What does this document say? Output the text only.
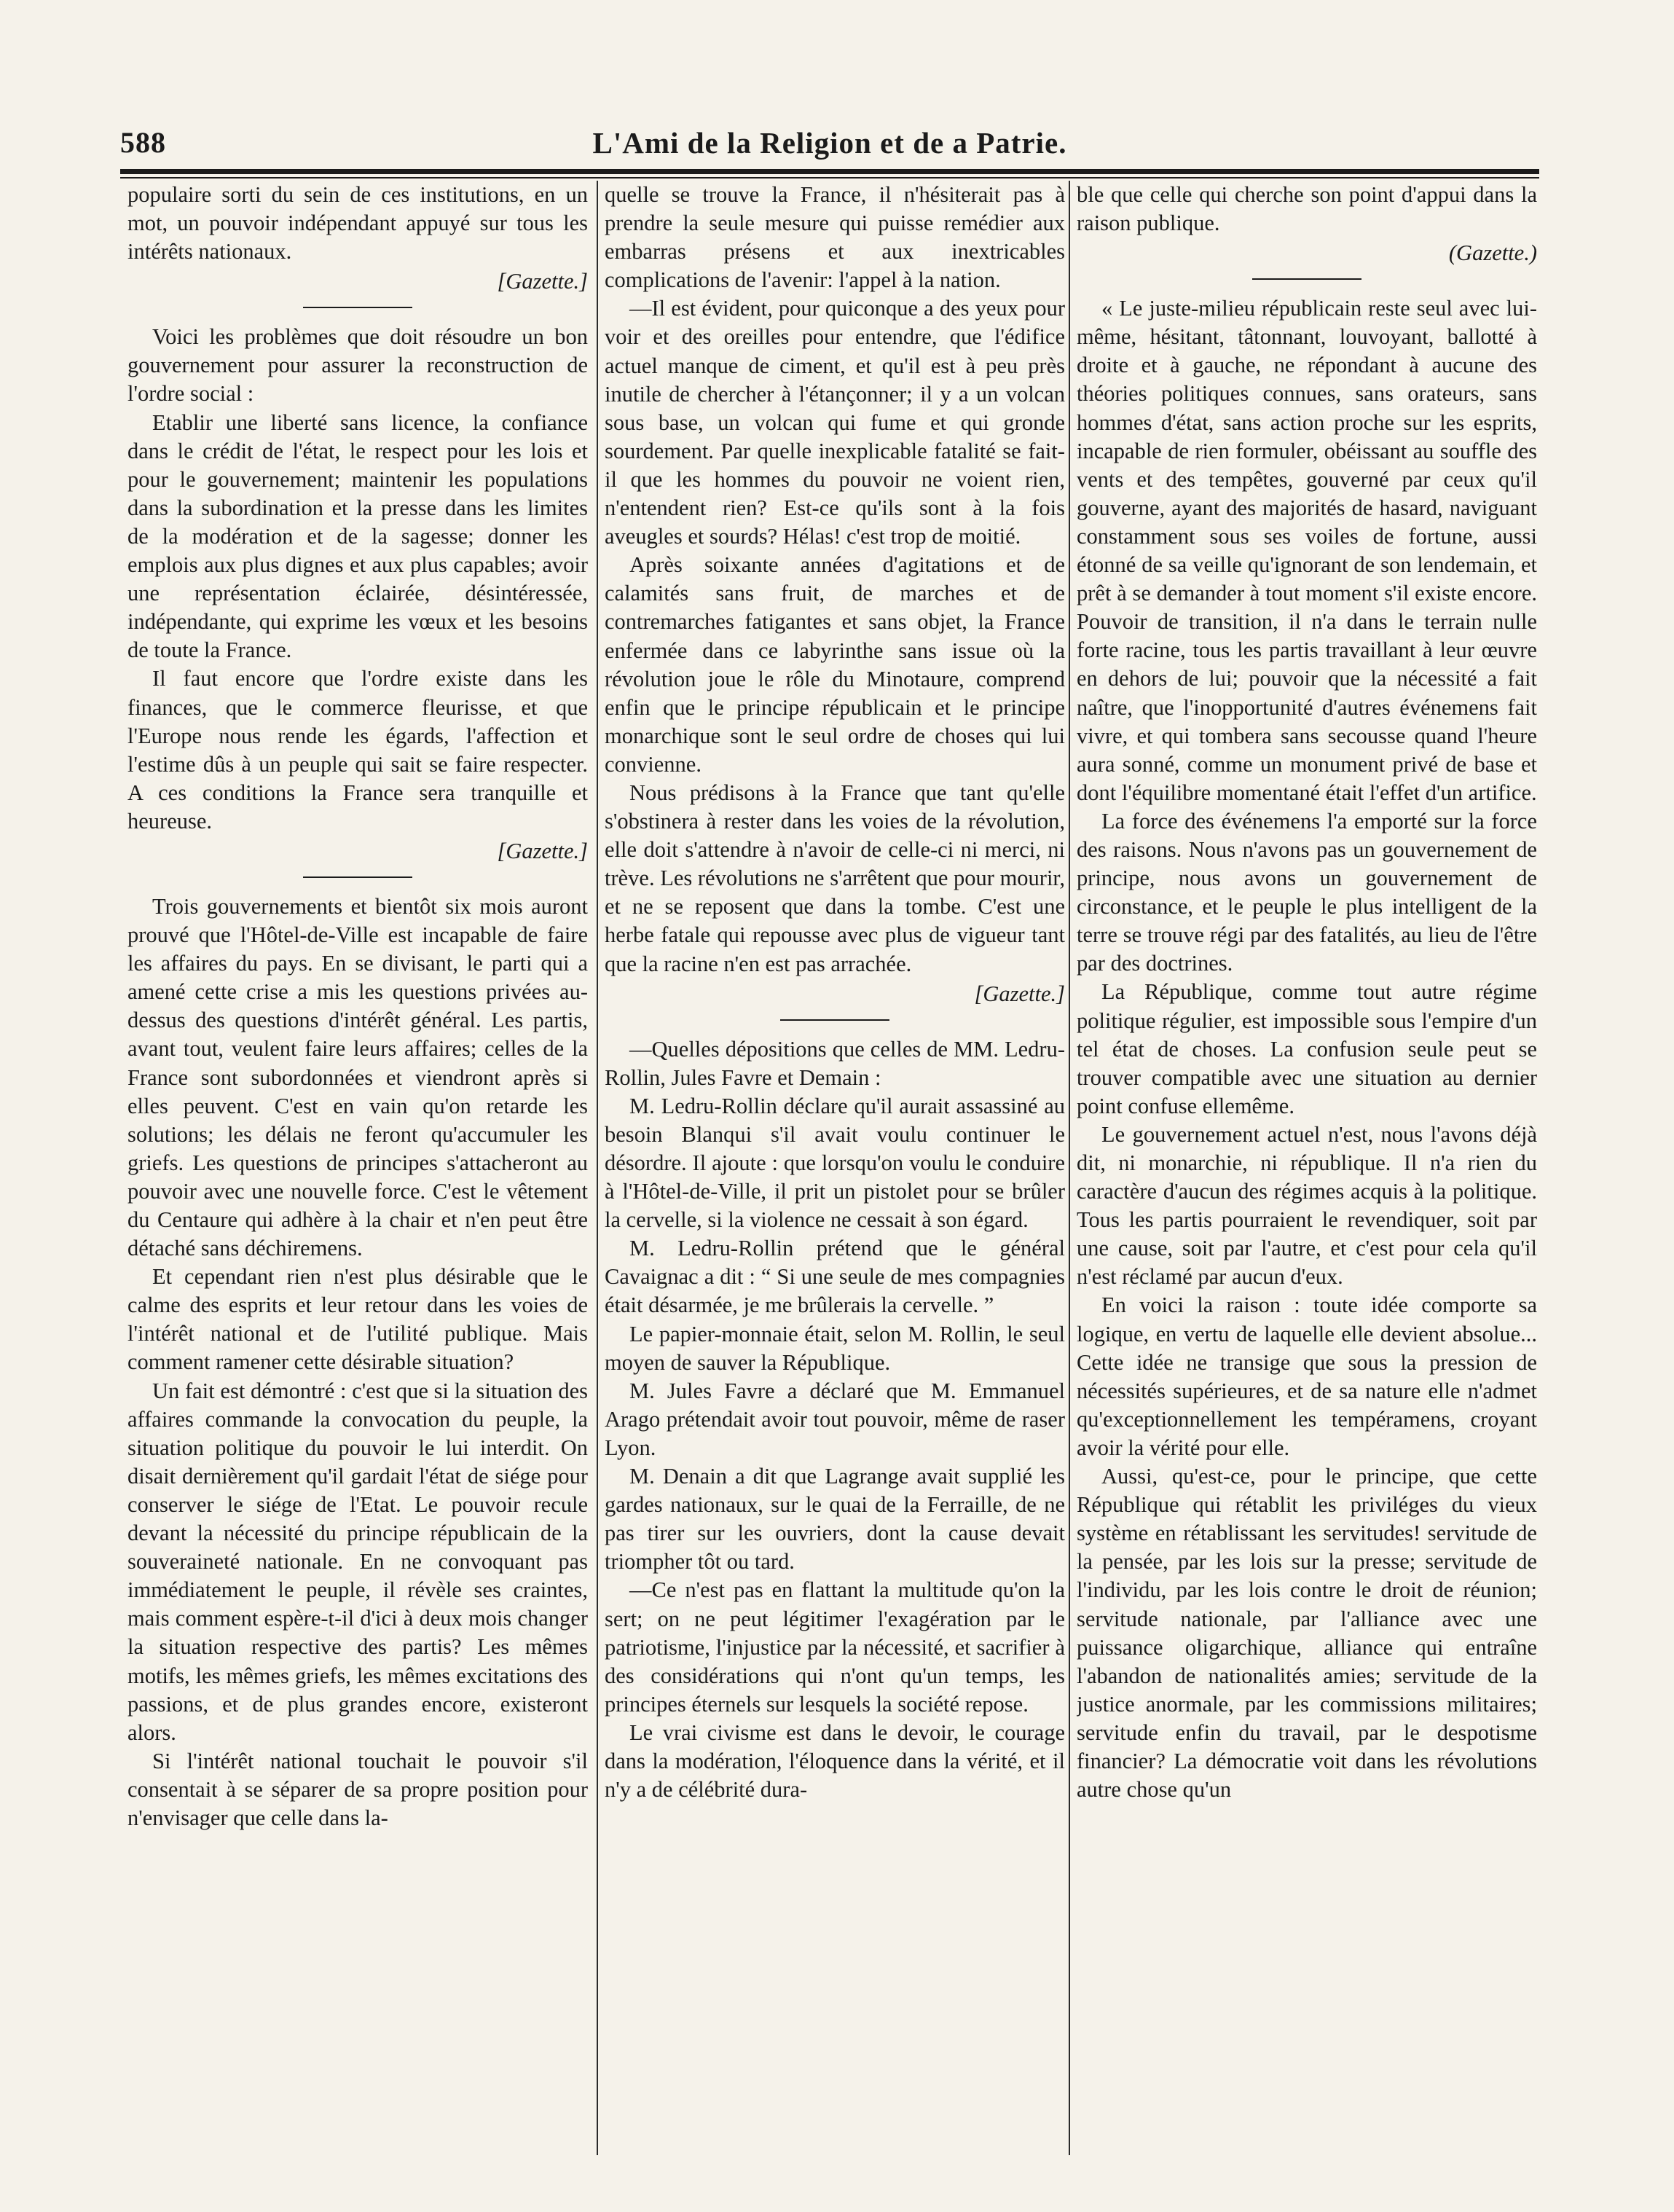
588	L'Ami de la Religion et de a Patrie.

populaire sorti du sein de ces institutions, en un mot, un pouvoir indépendant appuyé sur tous les intérêts nationaux.

[Gazette.]

Voici les problèmes que doit résoudre un bon gouvernement pour assurer la reconstruction de l'ordre social :

Etablir une liberté sans licence, la confiance dans le crédit de l'état, le respect pour les lois et pour le gouvernement; maintenir les populations dans la subordination et la presse dans les limites de la modération et de la sagesse; donner les emplois aux plus dignes et aux plus capables; avoir une représentation éclairée, désintéressée, indépendante, qui exprime les vœux et les besoins de toute la France.

Il faut encore que l'ordre existe dans les finances, que le commerce fleurisse, et que l'Europe nous rende les égards, l'affection et l'estime dûs à un peuple qui sait se faire respecter. A ces conditions la France sera tranquille et heureuse.

[Gazette.]

Trois gouvernements et bientôt six mois auront prouvé que l'Hôtel-de-Ville est incapable de faire les affaires du pays. En se divisant, le parti qui a amené cette crise a mis les questions privées au-dessus des questions d'intérêt général. Les partis, avant tout, veulent faire leurs affaires; celles de la France sont subordonnées et viendront après si elles peuvent. C'est en vain qu'on retarde les solutions; les délais ne feront qu'accumuler les griefs. Les questions de principes s'attacheront au pouvoir avec une nouvelle force. C'est le vêtement du Centaure qui adhère à la chair et n'en peut être détaché sans déchiremens.

Et cependant rien n'est plus désirable que le calme des esprits et leur retour dans les voies de l'intérêt national et de l'utilité publique. Mais comment ramener cette désirable situation?

Un fait est démontré : c'est que si la situation des affaires commande la convocation du peuple, la situation politique du pouvoir le lui interdit. On disait dernièrement qu'il gardait l'état de siége pour conserver le siége de l'Etat. Le pouvoir recule devant la nécessité du principe républicain de la souveraineté nationale. En ne convoquant pas immédiatement le peuple, il révèle ses craintes, mais comment espère-t-il d'ici à deux mois changer la situation respective des partis? Les mêmes motifs, les mêmes griefs, les mêmes excitations des passions, et de plus grandes encore, existeront alors.

Si l'intérêt national touchait le pouvoir s'il consentait à se séparer de sa propre position pour n'envisager que celle dans la-

quelle se trouve la France, il n'hésiterait pas à prendre la seule mesure qui puisse remédier aux embarras présens et aux inextricables complications de l'avenir: l'appel à la nation.

—Il est évident, pour quiconque a des yeux pour voir et des oreilles pour entendre, que l'édifice actuel manque de ciment, et qu'il est à peu près inutile de chercher à l'étançonner; il y a un volcan sous base, un volcan qui fume et qui gronde sourdement. Par quelle inexplicable fatalité se fait-il que les hommes du pouvoir ne voient rien, n'entendent rien? Est-ce qu'ils sont à la fois aveugles et sourds? Hélas! c'est trop de moitié.

Après soixante années d'agitations et de calamités sans fruit, de marches et de contremarches fatigantes et sans objet, la France enfermée dans ce labyrinthe sans issue où la révolution joue le rôle du Minotaure, comprend enfin que le principe républicain et le principe monarchique sont le seul ordre de choses qui lui convienne.

Nous prédisons à la France que tant qu'elle s'obstinera à rester dans les voies de la révolution, elle doit s'attendre à n'avoir de celle-ci ni merci, ni trève. Les révolutions ne s'arrêtent que pour mourir, et ne se reposent que dans la tombe. C'est une herbe fatale qui repousse avec plus de vigueur tant que la racine n'en est pas arrachée.

[Gazette.]

—Quelles dépositions que celles de MM. Ledru-Rollin, Jules Favre et Demain :

M. Ledru-Rollin déclare qu'il aurait assassiné au besoin Blanqui s'il avait voulu continuer le désordre. Il ajoute : que lorsqu'on voulu le conduire à l'Hôtel-de-Ville, il prit un pistolet pour se brûler la cervelle, si la violence ne cessait à son égard.

M. Ledru-Rollin prétend que le général Cavaignac a dit : “ Si une seule de mes compagnies était désarmée, je me brûlerais la cervelle. ”

Le papier-monnaie était, selon M. Rollin, le seul moyen de sauver la République.

M. Jules Favre a déclaré que M. Emmanuel Arago prétendait avoir tout pouvoir, même de raser Lyon.

M. Denain a dit que Lagrange avait supplié les gardes nationaux, sur le quai de la Ferraille, de ne pas tirer sur les ouvriers, dont la cause devait triompher tôt ou tard.

—Ce n'est pas en flattant la multitude qu'on la sert; on ne peut légitimer l'exagération par le patriotisme, l'injustice par la nécessité, et sacrifier à des considérations qui n'ont qu'un temps, les principes éternels sur lesquels la société repose.

Le vrai civisme est dans le devoir, le courage dans la modération, l'éloquence dans la vérité, et il n'y a de célébrité dura-

ble que celle qui cherche son point d'appui dans la raison publique.

(Gazette.)

« Le juste-milieu républicain reste seul avec lui-même, hésitant, tâtonnant, louvoyant, ballotté à droite et à gauche, ne répondant à aucune des théories politiques connues, sans orateurs, sans hommes d'état, sans action proche sur les esprits, incapable de rien formuler, obéissant au souffle des vents et des tempêtes, gouverné par ceux qu'il gouverne, ayant des majorités de hasard, naviguant constamment sous ses voiles de fortune, aussi étonné de sa veille qu'ignorant de son lendemain, et prêt à se demander à tout moment s'il existe encore. Pouvoir de transition, il n'a dans le terrain nulle forte racine, tous les partis travaillant à leur œuvre en dehors de lui; pouvoir que la nécessité a fait naître, que l'inopportunité d'autres événemens fait vivre, et qui tombera sans secousse quand l'heure aura sonné, comme un monument privé de base et dont l'équilibre momentané était l'effet d'un artifice.

La force des événemens l'a emporté sur la force des raisons. Nous n'avons pas un gouvernement de principe, nous avons un gouvernement de circonstance, et le peuple le plus intelligent de la terre se trouve régi par des fatalités, au lieu de l'être par des doctrines.

La République, comme tout autre régime politique régulier, est impossible sous l'empire d'un tel état de choses. La confusion seule peut se trouver compatible avec une situation au dernier point confuse ellemême.

Le gouvernement actuel n'est, nous l'avons déjà dit, ni monarchie, ni république. Il n'a rien du caractère d'aucun des régimes acquis à la politique. Tous les partis pourraient le revendiquer, soit par une cause, soit par l'autre, et c'est pour cela qu'il n'est réclamé par aucun d'eux.

En voici la raison : toute idée comporte sa logique, en vertu de laquelle elle devient absolue... Cette idée ne transige que sous la pression de nécessités supérieures, et de sa nature elle n'admet qu'exceptionnellement les tempéramens, croyant avoir la vérité pour elle.

Aussi, qu'est-ce, pour le principe, que cette République qui rétablit les priviléges du vieux système en rétablissant les servitudes! servitude de la pensée, par les lois sur la presse; servitude de l'individu, par les lois contre le droit de réunion; servitude nationale, par l'alliance avec une puissance oligarchique, alliance qui entraîne l'abandon de nationalités amies; servitude de la justice anormale, par les commissions militaires; servitude enfin du travail, par le despotisme financier? La démocratie voit dans les révolutions autre chose qu'un
